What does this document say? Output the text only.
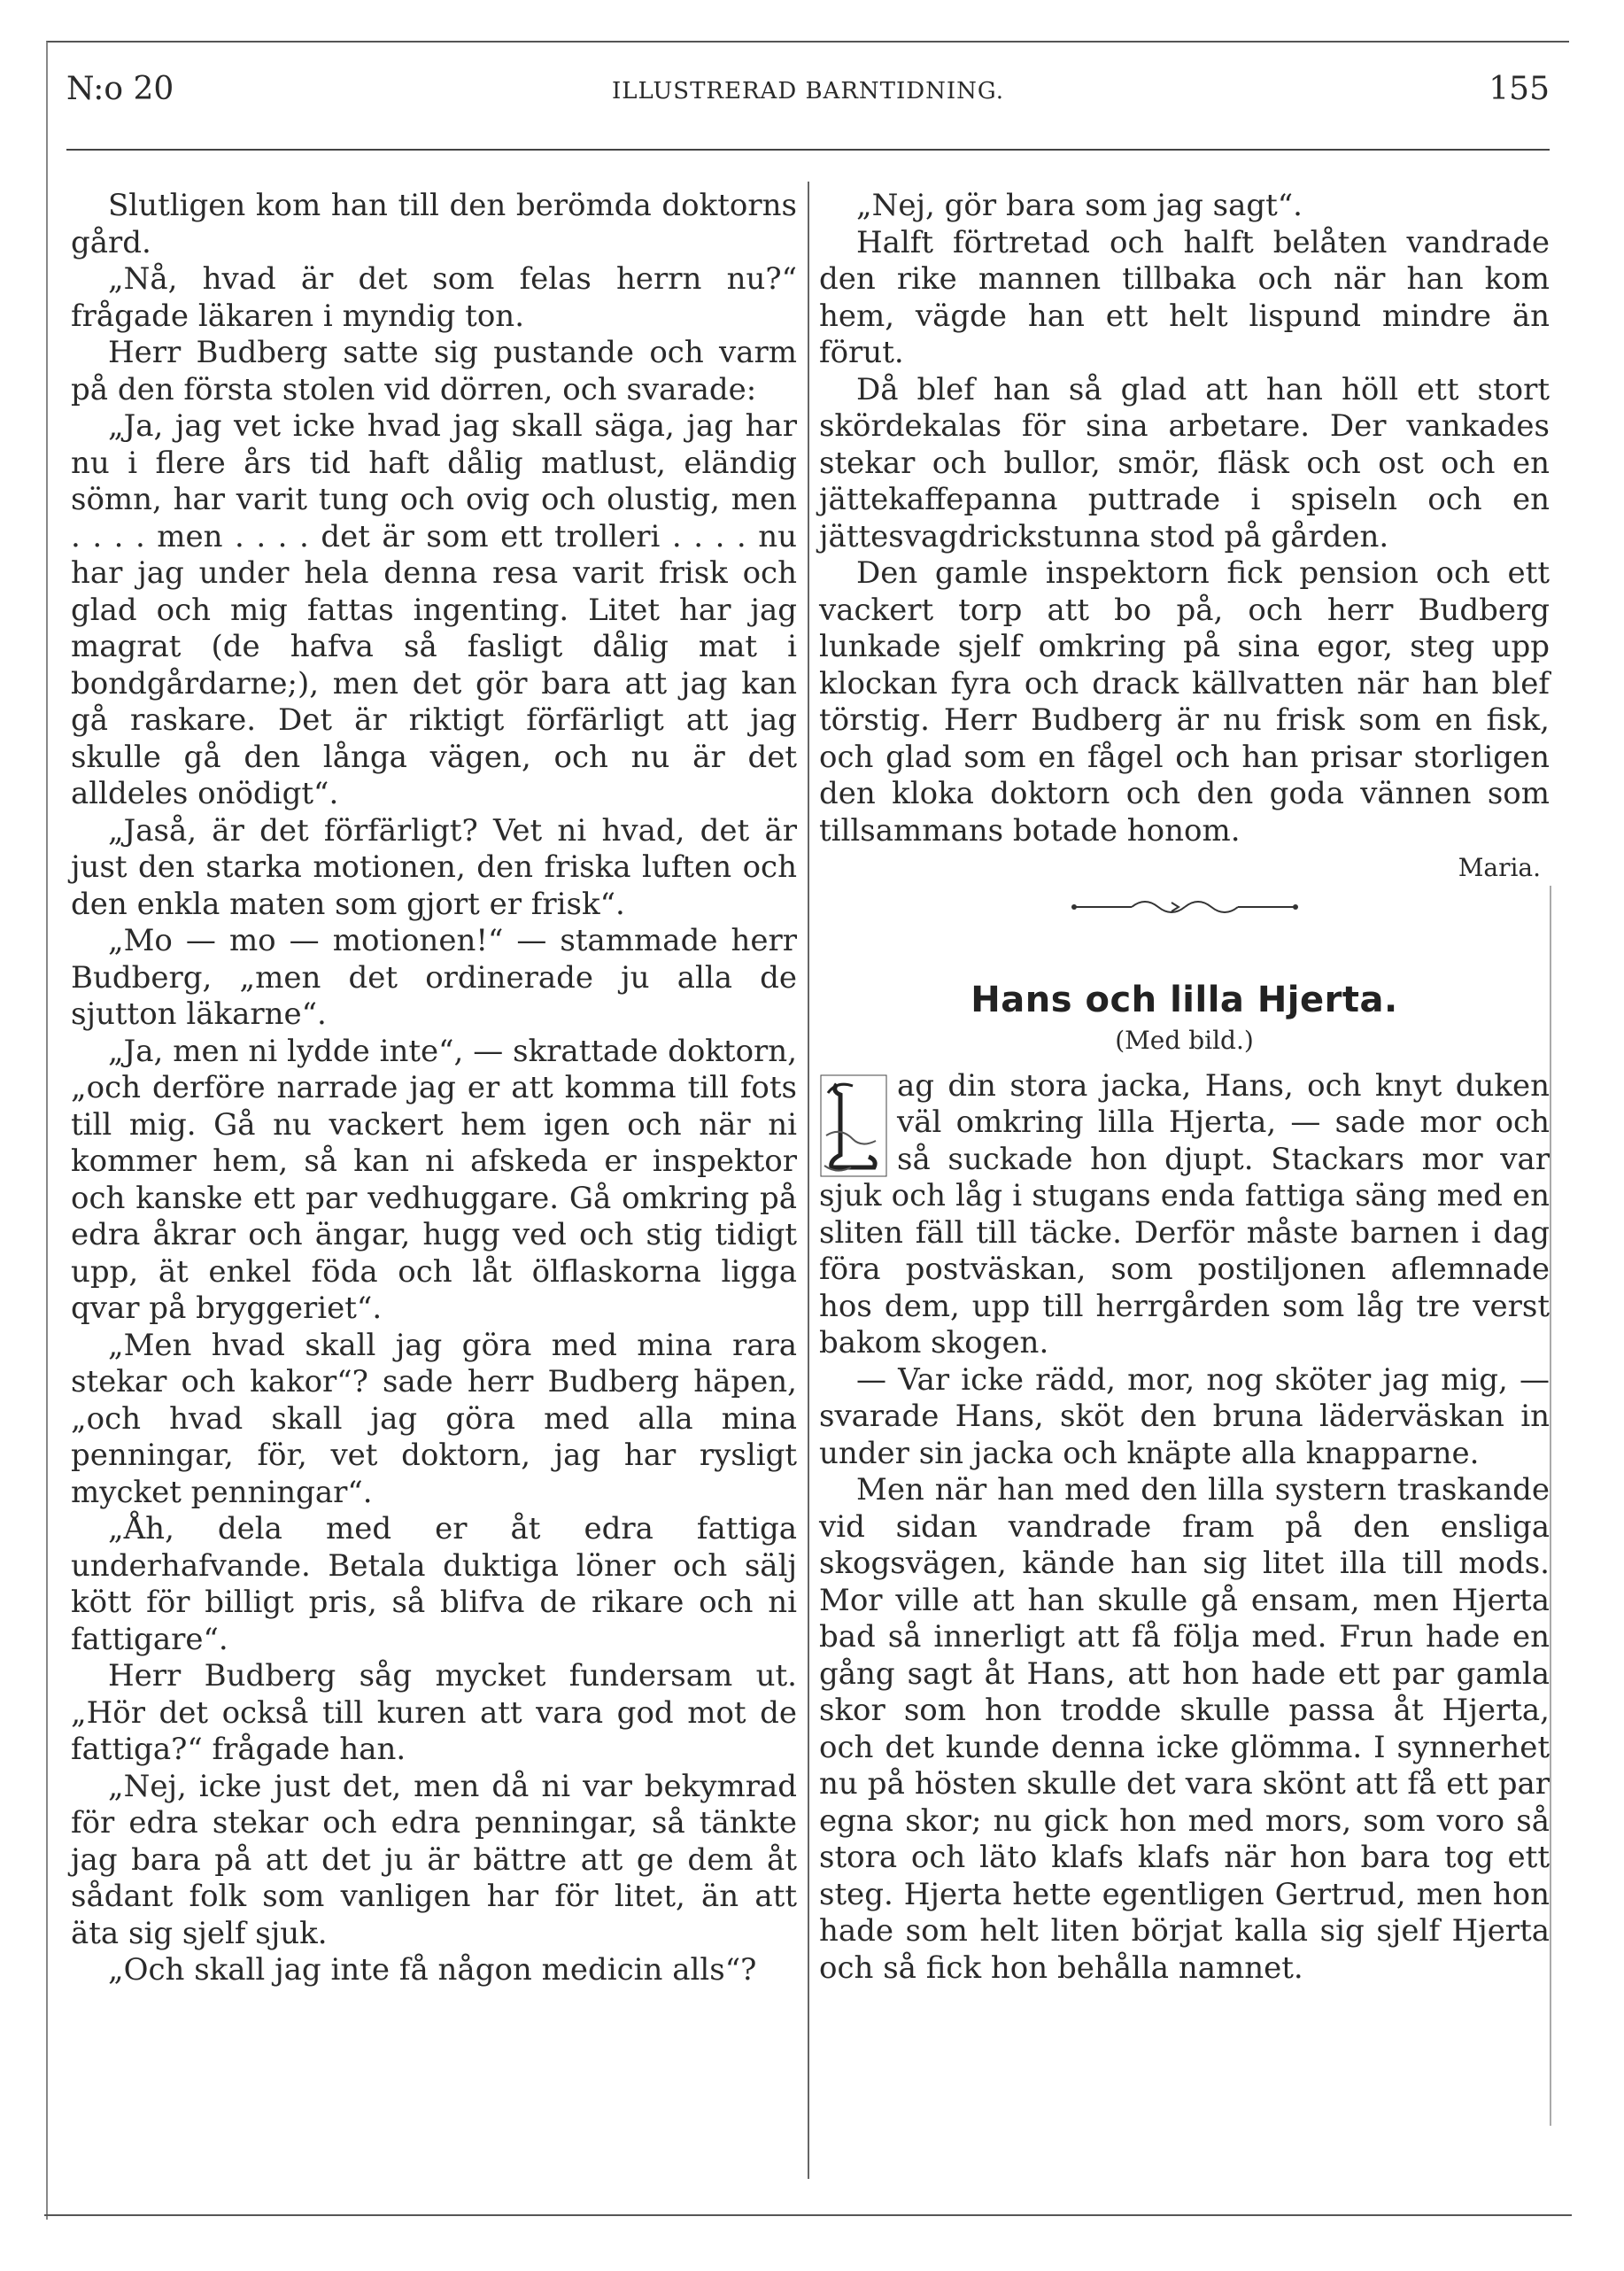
N:o 20	ILLUSTRERAD BARNTIDNING.	155

Slutligen kom han till den berömda doktorns gård.

„Nå, hvad är det som felas herrn nu?“ frågade läkaren i myndig ton.

Herr Budberg satte sig pustande och varm på den första stolen vid dörren, och svarade:

„Ja, jag vet icke hvad jag skall säga, jag har nu i flere års tid haft dålig matlust, eländig sömn, har varit tung och ovig och olustig, men . . . . men . . . . det är som ett trolleri . . . . nu har jag under hela denna resa varit frisk och glad och mig fattas ingenting. Litet har jag magrat (de hafva så fasligt dålig mat i bondgårdarne;), men det gör bara att jag kan gå raskare. Det är riktigt förfärligt att jag skulle gå den långa vägen, och nu är det alldeles onödigt“.

„Jaså, är det förfärligt? Vet ni hvad, det är just den starka motionen, den friska luften och den enkla maten som gjort er frisk“.

„Mo — mo — motionen!“ — stammade herr Budberg, „men det ordinerade ju alla de sjutton läkarne“.

„Ja, men ni lydde inte“, — skrattade doktorn, „och derföre narrade jag er att komma till fots till mig. Gå nu vackert hem igen och när ni kommer hem, så kan ni afskeda er inspektor och kanske ett par vedhuggare. Gå omkring på edra åkrar och ängar, hugg ved och stig tidigt upp, ät enkel föda och låt ölflaskorna ligga qvar på bryggeriet“.

„Men hvad skall jag göra med mina rara stekar och kakor“? sade herr Budberg häpen, „och hvad skall jag göra med alla mina penningar, för, vet doktorn, jag har rysligt mycket penningar“.

„Åh, dela med er åt edra fattiga underhafvande. Betala duktiga löner och sälj kött för billigt pris, så blifva de rikare och ni fattigare“.

Herr Budberg såg mycket fundersam ut. „Hör det också till kuren att vara god mot de fattiga?“ frågade han.

„Nej, icke just det, men då ni var bekymrad för edra stekar och edra penningar, så tänkte jag bara på att det ju är bättre att ge dem åt sådant folk som vanligen har för litet, än att äta sig sjelf sjuk.

„Och skall jag inte få någon medicin alls“?

„Nej, gör bara som jag sagt“.

Halft förtretad och halft belåten vandrade den rike mannen tillbaka och när han kom hem, vägde han ett helt lispund mindre än förut.

Då blef han så glad att han höll ett stort skördekalas för sina arbetare. Der vankades stekar och bullor, smör, fläsk och ost och en jättekaffepanna puttrade i spiseln och en jättesvagdrickstunna stod på gården.

Den gamle inspektorn fick pension och ett vackert torp att bo på, och herr Budberg lunkade sjelf omkring på sina egor, steg upp klockan fyra och drack källvatten när han blef törstig. Herr Budberg är nu frisk som en fisk, och glad som en fågel och han prisar storligen den kloka doktorn och den goda vännen som tillsammans botade honom.

Maria.

Hans och lilla Hjerta.
(Med bild.)

ag din stora jacka, Hans, och knyt duken väl omkring lilla Hjerta, — sade mor och så suckade hon djupt. Stackars mor var sjuk och låg i stugans enda fattiga säng med en sliten fäll till täcke. Derför måste barnen i dag föra postväskan, som postiljonen aflemnade hos dem, upp till herrgården som låg tre verst bakom skogen.

— Var icke rädd, mor, nog sköter jag mig, — svarade Hans, sköt den bruna läderväskan in under sin jacka och knäpte alla knapparne.

Men när han med den lilla systern traskande vid sidan vandrade fram på den ensliga skogsvägen, kände han sig litet illa till mods. Mor ville att han skulle gå ensam, men Hjerta bad så innerligt att få följa med. Frun hade en gång sagt åt Hans, att hon hade ett par gamla skor som hon trodde skulle passa åt Hjerta, och det kunde denna icke glömma. I synnerhet nu på hösten skulle det vara skönt att få ett par egna skor; nu gick hon med mors, som voro så stora och läto klafs klafs när hon bara tog ett steg. Hjerta hette egentligen Gertrud, men hon hade som helt liten börjat kalla sig sjelf Hjerta och så fick hon behålla namnet.
